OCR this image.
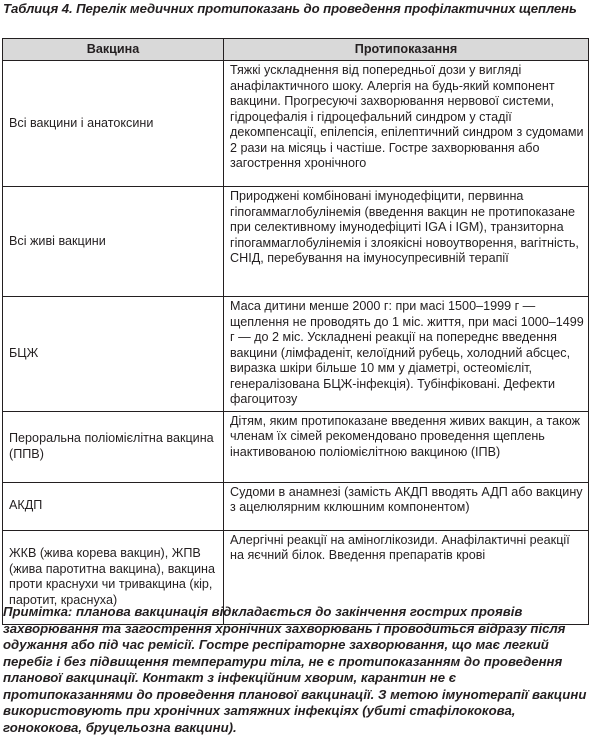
Таблиця 4. Перелік медичних протипоказань до проведення профілактичних щеплень

Вакцина	Протипоказання
Всі вакцини і анатоксини	Тяжкі ускладнення від попередньої дози у вигляді анафілактичного шоку. Алергія на будь-який компонент вакцини. Прогресуючі захворювання нервової системи, гідроцефалія і гідроцефальний синдром у стадії декомпенсації, епілепсія, епілептичний синдром з судомами 2 рази на місяць і частіше. Гостре захворювання або загострення хронічного
Всі живі вакцини	Природжені комбіновані імунодефіцити, первинна гіпогаммаглобулінемія (введення вакцин не протипоказане при селективному імунодефіциті IGA і IGM), транзиторна гіпогаммаглобулінемія і злоякісні новоутворення, вагітність, СНІД, перебування на імуносупресивній терапії
БЦЖ	Маса дитини менше 2000 г: при масі 1500–1999 г — щеплення не проводять до 1 міс. життя, при масі 1000–1499 г — до 2 міс. Ускладнені реакції на попереднє введення вакцини (лімфаденіт, келоїдний рубець, холодний абсцес, виразка шкіри більше 10 мм у діаметрі, остеомієліт, генералізована БЦЖ-інфекція). Тубінфіковані. Дефекти фагоцитозу
Пероральна поліомієлітна вакцина (ППВ)	Дітям, яким протипоказане введення живих вакцин, а також членам їх сімей рекомендовано проведення щеплень інактивованою поліомієлітною вакциною (ІПВ)
АКДП	Судоми в анамнезі (замість АКДП вводять АДП або вакцину з ацелюлярним кклюшним компонентом)
ЖКВ (жива корева вакцин), ЖПВ (жива паротитна вакцина), вакцина проти краснухи чи тривакцина (кір, паротит, краснуха)	Алергічні реакції на аміноглікозиди. Анафілактичні реакції на яєчний білок. Введення препаратів крові

Примітка: планова вакцинація відкладається до закінчення гострих проявів захворювання та загострення хронічних захворювань і проводиться відразу після одужання або під час ремісії. Гостре респіраторне захворювання, що має легкий перебіг і без підвищення температури тіла, не є протипоказанням до проведення планової вакцинації. Контакт з інфекційним хворим, карантин не є протипоказаннями до проведення планової вакцинації. З метою імунотерапії вакцини використовують при хронічних затяжних інфекціях (убиті стафілококова, гонококова, бруцельозна вакцини).
